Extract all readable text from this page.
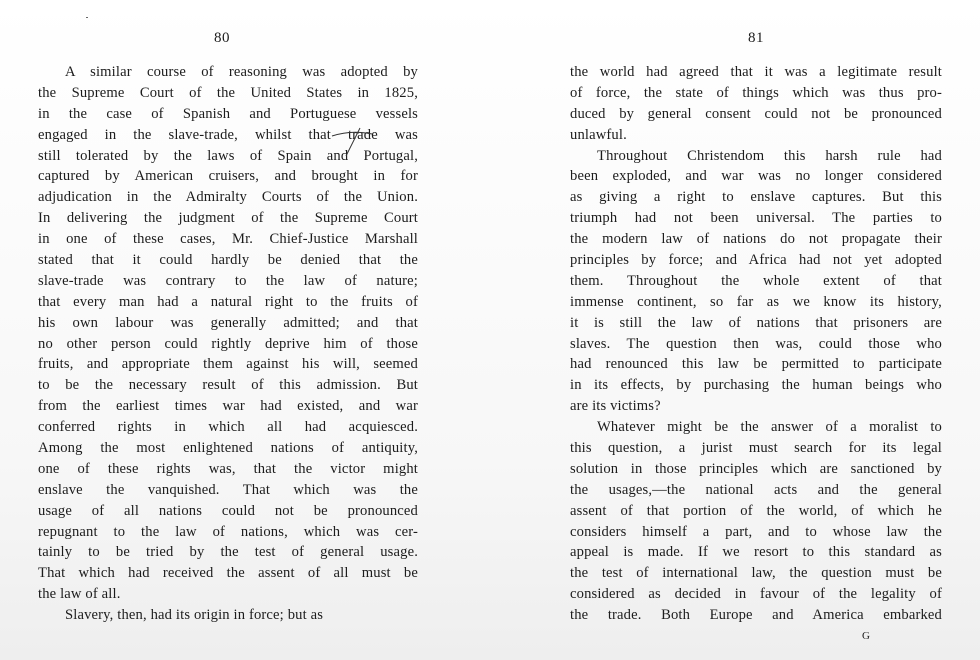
80
A similar course of reasoning was adopted by
the Supreme Court of the United States in 1825,
in the case of Spanish and Portuguese vessels
engaged in the slave-trade, whilst that trade was
still tolerated by the laws of Spain and Portugal,
captured by American cruisers, and brought in for
adjudication in the Admiralty Courts of the Union.
In delivering the judgment of the Supreme Court
in one of these cases, Mr. Chief-Justice Marshall
stated that it could hardly be denied that the
slave-trade was contrary to the law of nature;
that every man had a natural right to the fruits of
his own labour was generally admitted; and that
no other person could rightly deprive him of those
fruits, and appropriate them against his will, seemed
to be the necessary result of this admission. But
from the earliest times war had existed, and war
conferred rights in which all had acquiesced.
Among the most enlightened nations of antiquity,
one of these rights was, that the victor might
enslave the vanquished. That which was the
usage of all nations could not be pronounced
repugnant to the law of nations, which was cer-
tainly to be tried by the test of general usage.
That which had received the assent of all must be
the law of all.
Slavery, then, had its origin in force; but as
81
the world had agreed that it was a legitimate result
of force, the state of things which was thus pro-
duced by general consent could not be pronounced
unlawful.
Throughout Christendom this harsh rule had
been exploded, and war was no longer considered
as giving a right to enslave captures. But this
triumph had not been universal. The parties to
the modern law of nations do not propagate their
principles by force; and Africa had not yet adopted
them. Throughout the whole extent of that
immense continent, so far as we know its history,
it is still the law of nations that prisoners are
slaves. The question then was, could those who
had renounced this law be permitted to participate
in its effects, by purchasing the human beings who
are its victims?
Whatever might be the answer of a moralist to
this question, a jurist must search for its legal
solution in those principles which are sanctioned by
the usages,—the national acts and the general
assent of that portion of the world, of which he
considers himself a part, and to whose law the
appeal is made. If we resort to this standard as
the test of international law, the question must be
considered as decided in favour of the legality of
the trade. Both Europe and America embarked
G
